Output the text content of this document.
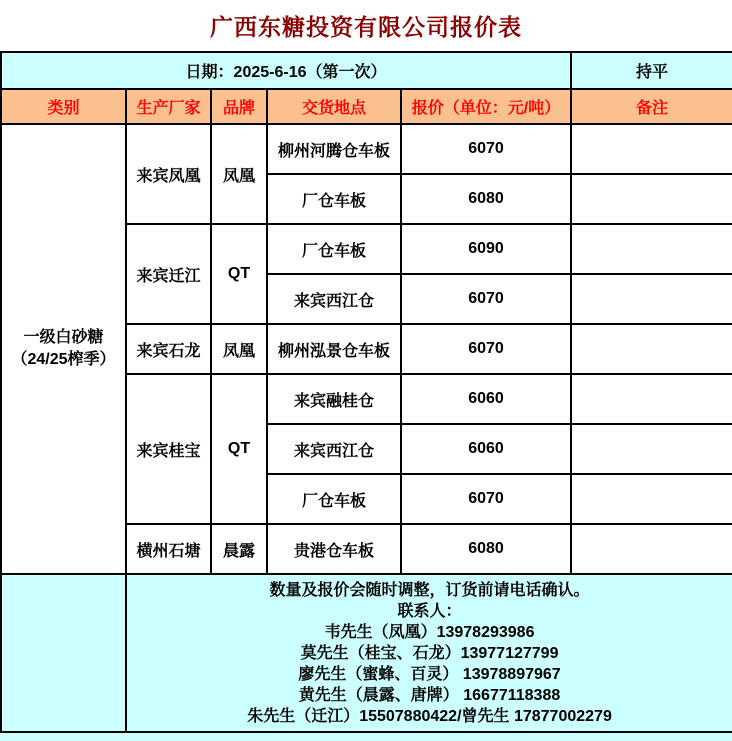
广西东糖投资有限公司报价表
日期：2025-6-16（第一次）					持平
类别	生产厂家	品牌	交货地点	报价（单位：元/吨）	备注

一级白砂糖
（24/25榨季）	来宾凤凰	凤凰	柳州河腾仓车板	6070	
			厂仓车板	6080	
	来宾迁江	QT	厂仓车板	6090	
			来宾西江仓	6070	
	来宾石龙	凤凰	柳州泓景仓车板	6070	
	来宾桂宝	QT	来宾融桂仓	6060	
			来宾西江仓	6060	
			厂仓车板	6070	
	横州石塘	晨露	贵港仓车板	6080	

数量及报价会随时调整，订货前请电话确认。
联系人：
韦先生（凤凰）13978293986
莫先生（桂宝、石龙）13977127799
廖先生（蜜蜂、百灵） 13978897967
黄先生（晨露、唐牌） 16677118388
朱先生（迁江）15507880422/曾先生 17877002279
